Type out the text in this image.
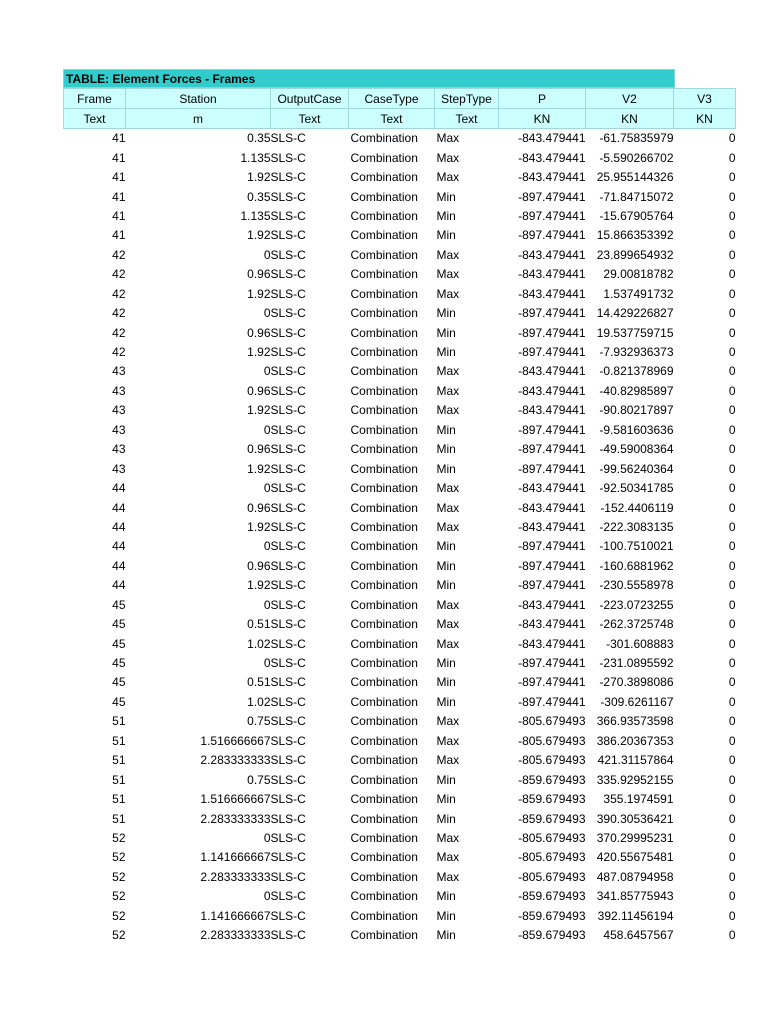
TABLE: Element Forces - Frames
Frame	Station	OutputCase	CaseType	StepType	P	V2	V3
Text	m	Text	Text	Text	KN	KN	KN
41	0.35	SLS-C	Combination	Max	-843.479441	-61.75835979	0
41	1.135	SLS-C	Combination	Max	-843.479441	-5.590266702	0
41	1.92	SLS-C	Combination	Max	-843.479441	25.955144326	0
41	0.35	SLS-C	Combination	Min	-897.479441	-71.84715072	0
41	1.135	SLS-C	Combination	Min	-897.479441	-15.67905764	0
41	1.92	SLS-C	Combination	Min	-897.479441	15.866353392	0
42	0	SLS-C	Combination	Max	-843.479441	23.899654932	0
42	0.96	SLS-C	Combination	Max	-843.479441	29.00818782	0
42	1.92	SLS-C	Combination	Max	-843.479441	1.537491732	0
42	0	SLS-C	Combination	Min	-897.479441	14.429226827	0
42	0.96	SLS-C	Combination	Min	-897.479441	19.537759715	0
42	1.92	SLS-C	Combination	Min	-897.479441	-7.932936373	0
43	0	SLS-C	Combination	Max	-843.479441	-0.821378969	0
43	0.96	SLS-C	Combination	Max	-843.479441	-40.82985897	0
43	1.92	SLS-C	Combination	Max	-843.479441	-90.80217897	0
43	0	SLS-C	Combination	Min	-897.479441	-9.581603636	0
43	0.96	SLS-C	Combination	Min	-897.479441	-49.59008364	0
43	1.92	SLS-C	Combination	Min	-897.479441	-99.56240364	0
44	0	SLS-C	Combination	Max	-843.479441	-92.50341785	0
44	0.96	SLS-C	Combination	Max	-843.479441	-152.4406119	0
44	1.92	SLS-C	Combination	Max	-843.479441	-222.3083135	0
44	0	SLS-C	Combination	Min	-897.479441	-100.7510021	0
44	0.96	SLS-C	Combination	Min	-897.479441	-160.6881962	0
44	1.92	SLS-C	Combination	Min	-897.479441	-230.5558978	0
45	0	SLS-C	Combination	Max	-843.479441	-223.0723255	0
45	0.51	SLS-C	Combination	Max	-843.479441	-262.3725748	0
45	1.02	SLS-C	Combination	Max	-843.479441	-301.608883	0
45	0	SLS-C	Combination	Min	-897.479441	-231.0895592	0
45	0.51	SLS-C	Combination	Min	-897.479441	-270.3898086	0
45	1.02	SLS-C	Combination	Min	-897.479441	-309.6261167	0
51	0.75	SLS-C	Combination	Max	-805.679493	366.93573598	0
51	1.516666667	SLS-C	Combination	Max	-805.679493	386.20367353	0
51	2.283333333	SLS-C	Combination	Max	-805.679493	421.31157864	0
51	0.75	SLS-C	Combination	Min	-859.679493	335.92952155	0
51	1.516666667	SLS-C	Combination	Min	-859.679493	355.1974591	0
51	2.283333333	SLS-C	Combination	Min	-859.679493	390.30536421	0
52	0	SLS-C	Combination	Max	-805.679493	370.29995231	0
52	1.141666667	SLS-C	Combination	Max	-805.679493	420.55675481	0
52	2.283333333	SLS-C	Combination	Max	-805.679493	487.08794958	0
52	0	SLS-C	Combination	Min	-859.679493	341.85775943	0
52	1.141666667	SLS-C	Combination	Min	-859.679493	392.11456194	0
52	2.283333333	SLS-C	Combination	Min	-859.679493	458.6457567	0
